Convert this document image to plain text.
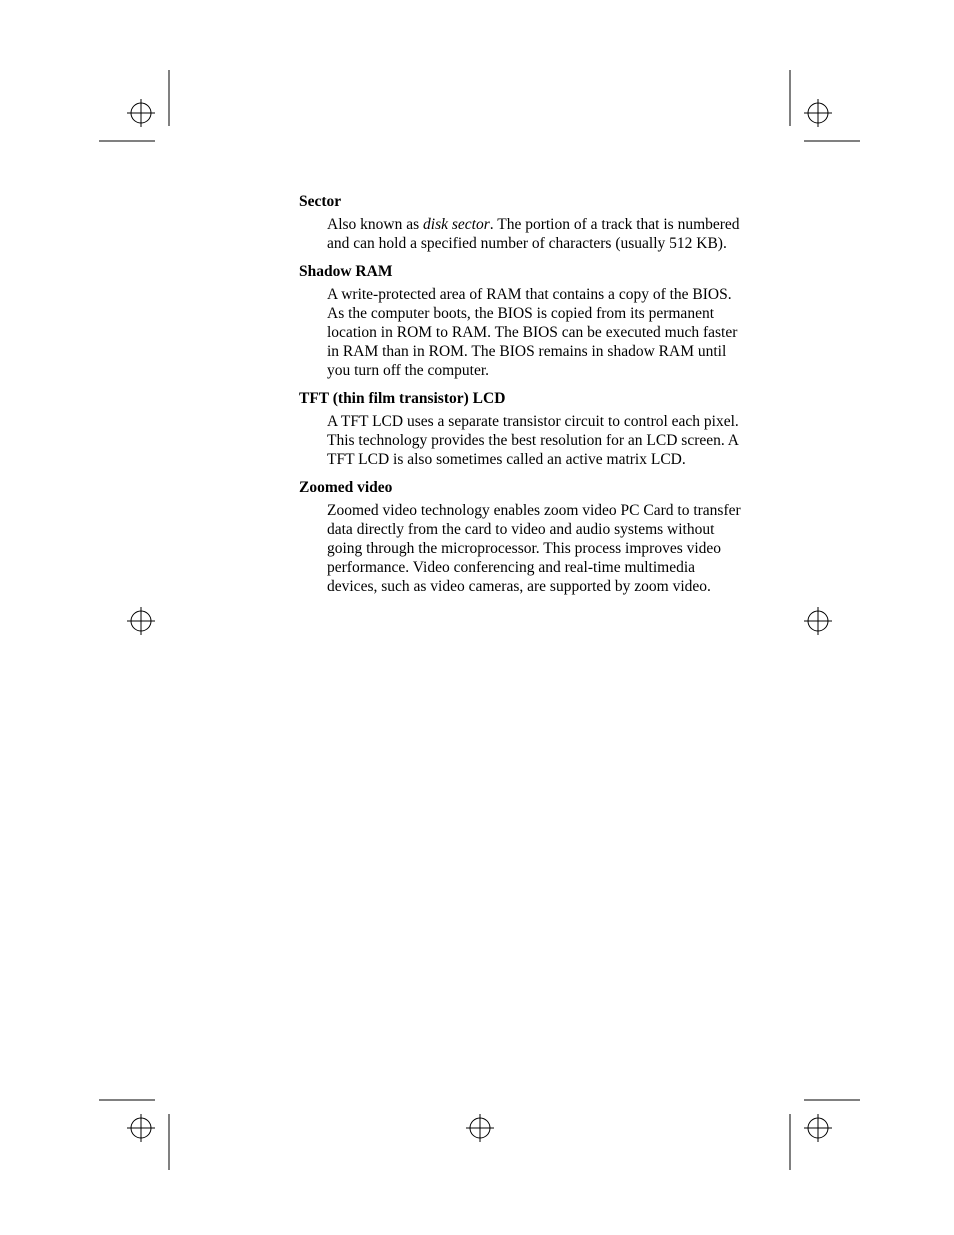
Sector
Also known as disk sector. The portion of a track that is numbered and can hold a specified number of characters (usually 512 KB).
Shadow RAM
A write-protected area of RAM that contains a copy of the BIOS. As the computer boots, the BIOS is copied from its permanent location in ROM to RAM. The BIOS can be executed much faster in RAM than in ROM. The BIOS remains in shadow RAM until you turn off the computer.
TFT (thin film transistor) LCD
A TFT LCD uses a separate transistor circuit to control each pixel. This technology provides the best resolution for an LCD screen. A TFT LCD is also sometimes called an active matrix LCD.
Zoomed video
Zoomed video technology enables zoom video PC Card to transfer data directly from the card to video and audio systems without going through the microprocessor. This process improves video performance. Video conferencing and real-time multimedia devices, such as video cameras, are supported by zoom video.
